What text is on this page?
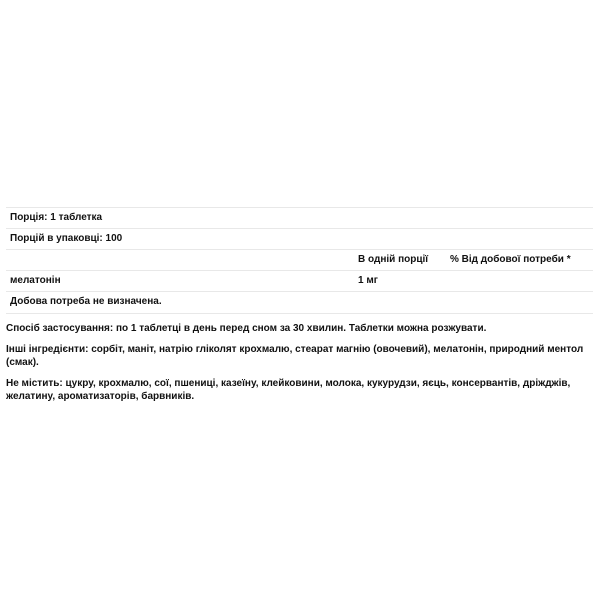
Порція: 1 таблетка
Порцій в упаковці: 100
В одній порції % Від добової потреби *
мелатонін	1 мг
Добова потреба не визначена.
Спосіб застосування: по 1 таблетці в день перед сном за 30 хвилин. Таблетки можна розжувати.
Інші інгредієнти: сорбіт, маніт, натрію гліколят крохмалю, стеарат магнію (овочевий), мелатонін, природний ментол (смак).
Не містить: цукру, крохмалю, сої, пшениці, казеїну, клейковини, молока, кукурудзи, яєць, консервантів, дріжджів, желатину, ароматизаторів, барвників.
